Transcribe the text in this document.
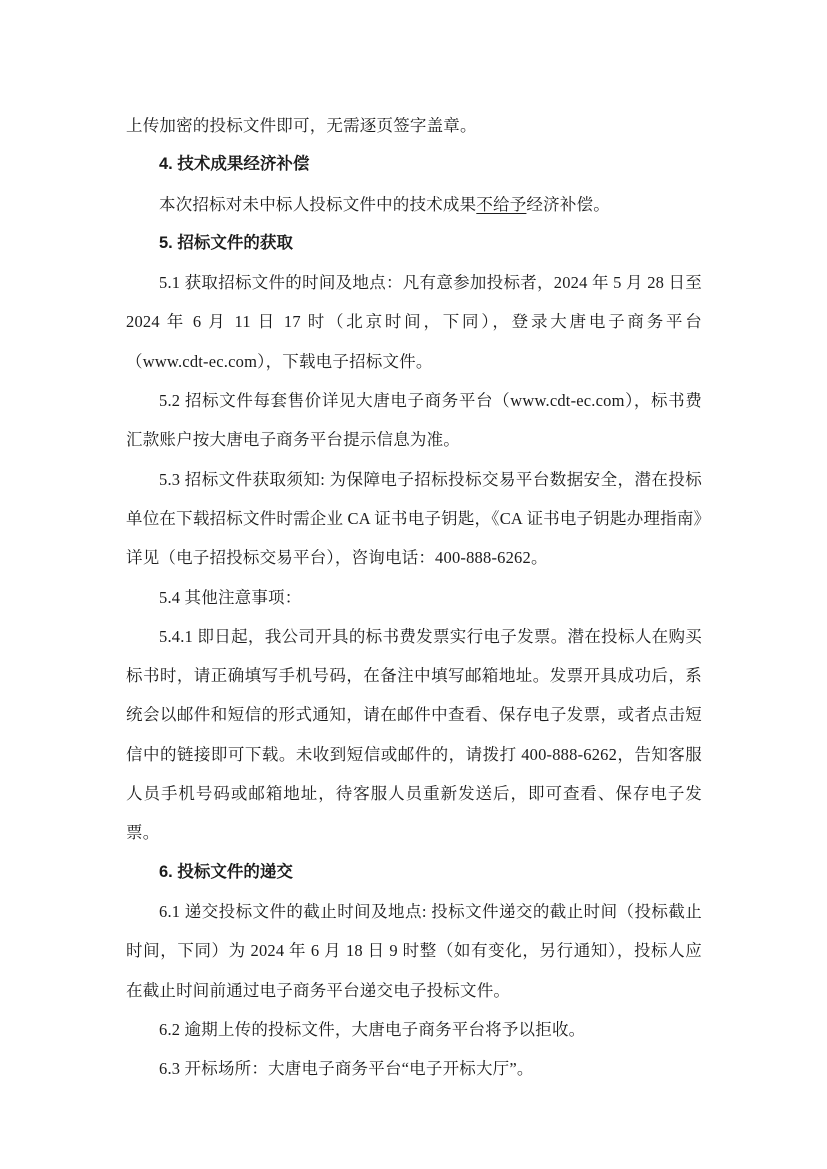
上传加密的投标文件即可，无需逐页签字盖章。

4. 技术成果经济补偿

本次招标对未中标人投标文件中的技术成果不给予经济补偿。

5. 招标文件的获取

5.1 获取招标文件的时间及地点：凡有意参加投标者，2024 年 5 月 28 日至 2024 年 6 月 11 日 17 时（北京时间，下同），登录大唐电子商务平台（www.cdt-ec.com），下载电子招标文件。

5.2 招标文件每套售价详见大唐电子商务平台（www.cdt-ec.com），标书费汇款账户按大唐电子商务平台提示信息为准。

5.3 招标文件获取须知: 为保障电子招标投标交易平台数据安全，潜在投标单位在下载招标文件时需企业 CA 证书电子钥匙，《CA 证书电子钥匙办理指南》详见（电子招投标交易平台），咨询电话：400-888-6262。

5.4 其他注意事项：

5.4.1 即日起，我公司开具的标书费发票实行电子发票。潜在投标人在购买标书时，请正确填写手机号码，在备注中填写邮箱地址。发票开具成功后，系统会以邮件和短信的形式通知，请在邮件中查看、保存电子发票，或者点击短信中的链接即可下载。未收到短信或邮件的，请拨打 400-888-6262，告知客服人员手机号码或邮箱地址，待客服人员重新发送后，即可查看、保存电子发票。

6. 投标文件的递交

6.1 递交投标文件的截止时间及地点: 投标文件递交的截止时间（投标截止时间，下同）为 2024 年 6 月 18 日 9 时整（如有变化，另行通知），投标人应在截止时间前通过电子商务平台递交电子投标文件。

6.2 逾期上传的投标文件，大唐电子商务平台将予以拒收。

6.3 开标场所：大唐电子商务平台“电子开标大厅”。
